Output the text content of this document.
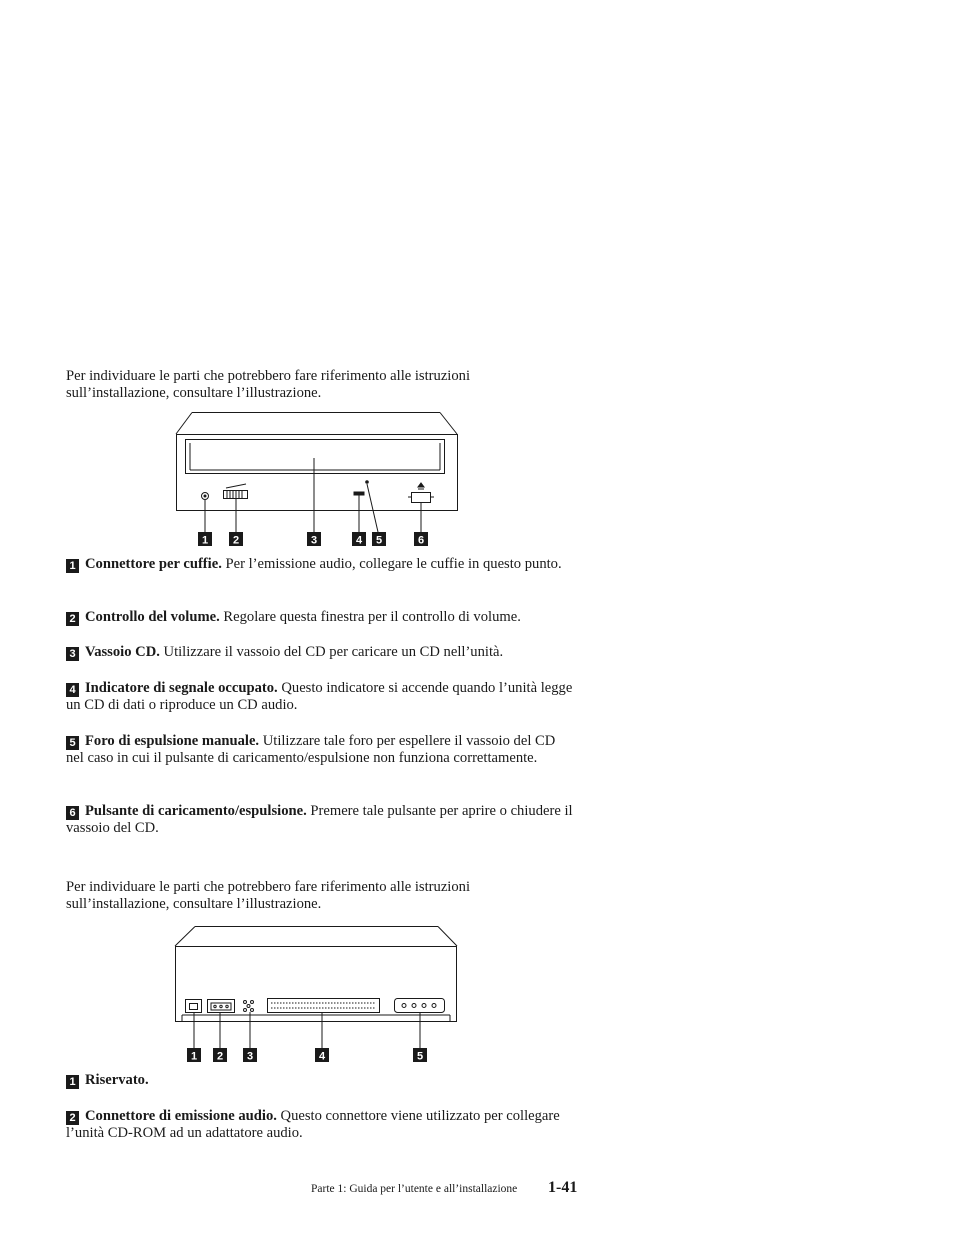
Per individuare le parti che potrebbero fare riferimento alle istruzioni
sull’installazione, consultare l’illustrazione.

1 2	3	4 5	6

1 Connettore per cuffie. Per l’emissione audio, collegare le cuffie in questo punto.

2 Controllo del volume. Regolare questa finestra per il controllo di volume.

3 Vassoio CD. Utilizzare il vassoio del CD per caricare un CD nell’unità.

4 Indicatore di segnale occupato. Questo indicatore si accende quando l’unità legge un CD di dati o riproduce un CD audio.

5 Foro di espulsione manuale. Utilizzare tale foro per espellere il vassoio del CD nel caso in cui il pulsante di caricamento/espulsione non funziona correttamente.

6 Pulsante di caricamento/espulsione. Premere tale pulsante per aprire o chiudere il vassoio del CD.

Per individuare le parti che potrebbero fare riferimento alle istruzioni
sull’installazione, consultare l’illustrazione.

1 2 3	4	5

1 Riservato.

2 Connettore di emissione audio. Questo connettore viene utilizzato per collegare l’unità CD-ROM ad un adattatore audio.

Parte 1: Guida per l’utente e all’installazione 1-41
